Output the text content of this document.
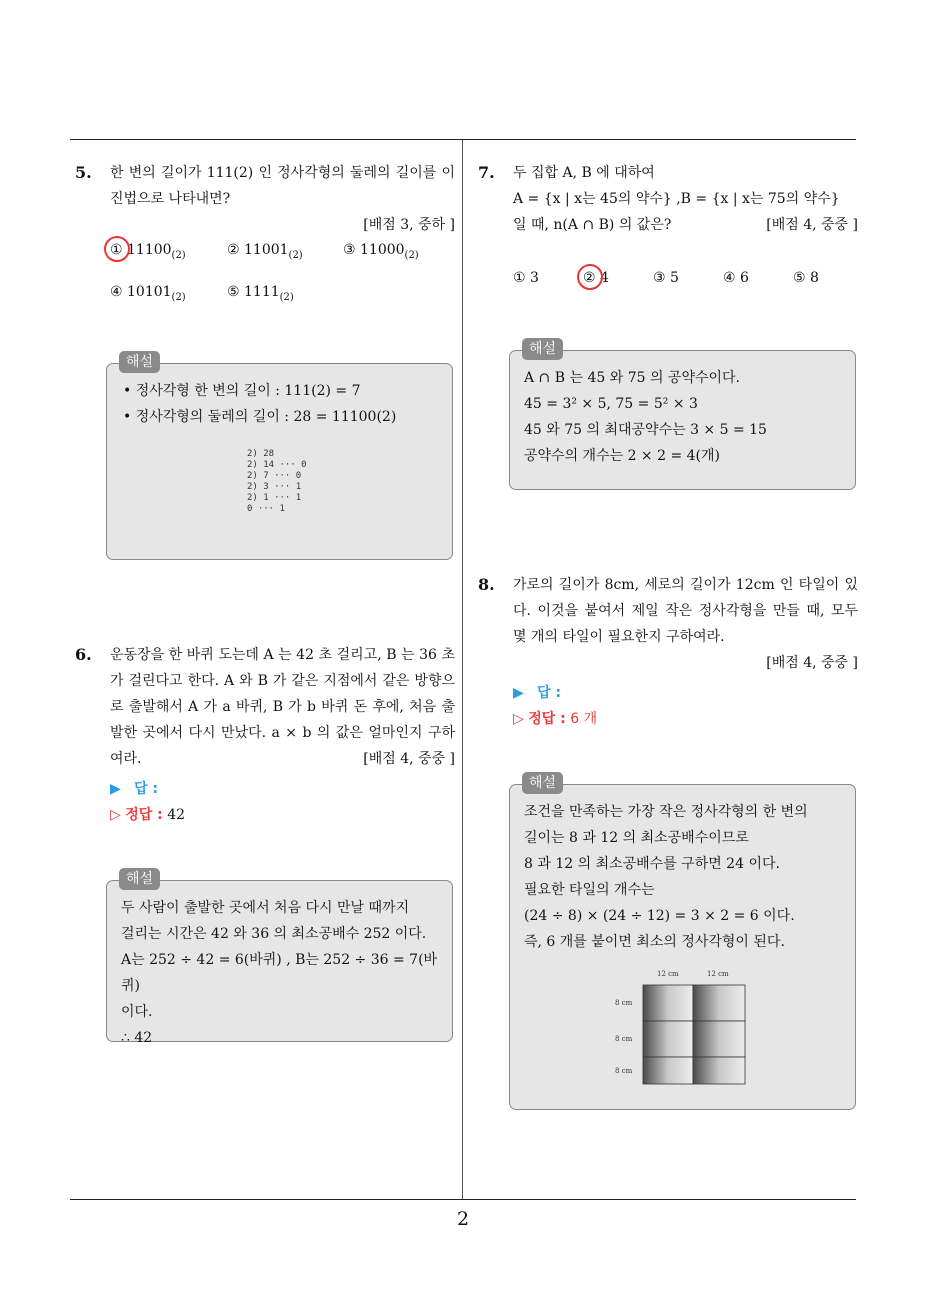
2
5. 한 변의 길이가 111(2) 인 정사각형의 둘레의 길이를 이진법으로 나타내면?
[배점 3, 중하 ]
① $11100_{(2)}$	② $11001_{(2)}$	③ $11000_{(2)}$
④ $10101_{(2)}$	⑤ $1111_{(2)}$
해설
• 정사각형 한 변의 길이 : 111(2) = 7
• 정사각형의 둘레의 길이 : 28 = 11100(2)
2) 28
2) 14 ··· 0
2) 7 ··· 0
2) 3 ··· 1
2) 1 ··· 1
0 ··· 1
6. 운동장을 한 바퀴 도는데 A 는 42 초 걸리고, B 는 36 초가 걸린다고 한다. A 와 B 가 같은 지점에서 같은 방향으로 출발해서 A 가 a 바퀴, B 가 b 바퀴 돈 후에, 처음 출발한 곳에서 다시 만났다. a × b 의 값은 얼마인지 구하여라.	[배점 4, 중중 ]
▶ 답 :
▷ 정답 : 42
해설
두 사람이 출발한 곳에서 처음 다시 만날 때까지
걸리는 시간은 42 와 36 의 최소공배수 252 이다.
A는 252 ÷ 42 = 6(바퀴) , B는 252 ÷ 36 = 7(바퀴)
이다.
∴ 42
7. 두 집합 A, B 에 대하여
A = {x | x는 45의 약수} ,B = {x | x는 75의 약수}
일 때, n(A ∩ B) 의 값은?	[배점 4, 중중 ]
① 3	② 4	③ 5	④ 6	⑤ 8
해설
A ∩ B 는 45 와 75 의 공약수이다.
45 = 3² × 5, 75 = 5² × 3
45 와 75 의 최대공약수는 3 × 5 = 15
공약수의 개수는 2 × 2 = 4(개)
8. 가로의 길이가 8cm, 세로의 길이가 12cm 인 타일이 있다. 이것을 붙여서 제일 작은 정사각형을 만들 때, 모두 몇 개의 타일이 필요한지 구하여라.
[배점 4, 중중 ]
▶ 답 :
▷ 정답 : 6 개
해설
조건을 만족하는 가장 작은 정사각형의 한 변의
길이는 8 과 12 의 최소공배수이므로
8 과 12 의 최소공배수를 구하면 24 이다.
필요한 타일의 개수는
(24 ÷ 8) × (24 ÷ 12) = 3 × 2 = 6 이다.
즉, 6 개를 붙이면 최소의 정사각형이 된다.
12 cm	12 cm
8 cm
8 cm
8 cm
